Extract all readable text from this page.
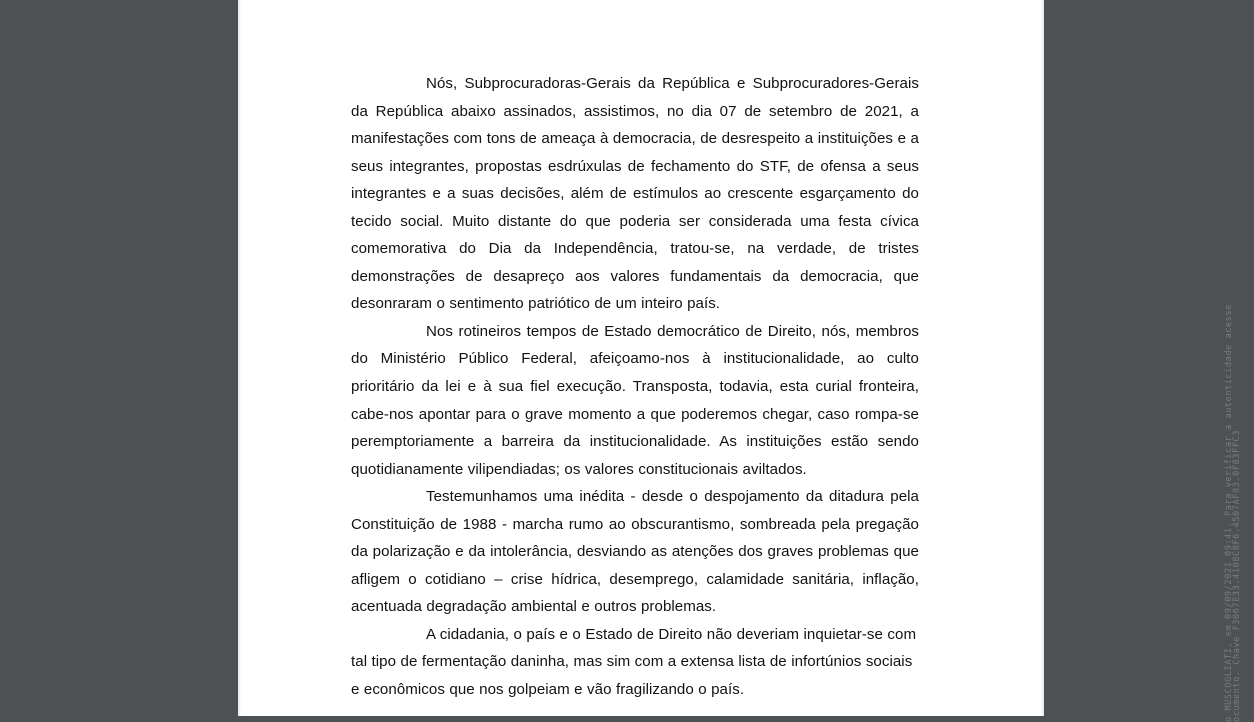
Nós, Subprocuradoras-Gerais da República e Subprocuradores-Gerais da República abaixo assinados, assistimos, no dia 07 de setembro de 2021, a manifestações com tons de ameaça à democracia, de desrespeito a instituições e a seus integrantes, propostas esdrúxulas de fechamento do STF, de ofensa a seus integrantes e a suas decisões, além de estímulos ao crescente esgarçamento do tecido social. Muito distante do que poderia ser considerada uma festa cívica comemorativa do Dia da Independência, tratou-se, na verdade, de tristes demonstrações de desapreço aos valores fundamentais da democracia, que desonraram o sentimento patriótico de um inteiro país.

Nos rotineiros tempos de Estado democrático de Direito, nós, membros do Ministério Público Federal, afeiçoamo-nos à institucionalidade, ao culto prioritário da lei e à sua fiel execução. Transposta, todavia, esta curial fronteira, cabe-nos apontar para o grave momento a que poderemos chegar, caso rompa-se peremptoriamente a barreira da institucionalidade. As instituições estão sendo quotidianamente vilipendiadas; os valores constitucionais aviltados.

Testemunhamos uma inédita - desde o despojamento da ditadura pela Constituição de 1988 - marcha rumo ao obscurantismo, sombreada pela pregação da polarização e da intolerância, desviando as atenções dos graves problemas que afligem o cotidiano – crise hídrica, desemprego, calamidade sanitária, inflação, acentuada degradação ambiental e outros problemas.

A cidadania, o país e o Estado de Direito não deveriam inquietar-se com tal tipo de fermentação daninha, mas sim com a extensa lista de infortúnios sociais e econômicos que nos golpeiam e vão fragilizando o país.	o MUSCOGLIATI, em 09/09/2021 09:41. Para verificar a autenticidade acesse
ocumento. Chave F3067E33.4108C8F6.4507AF83.0F83FFC3
